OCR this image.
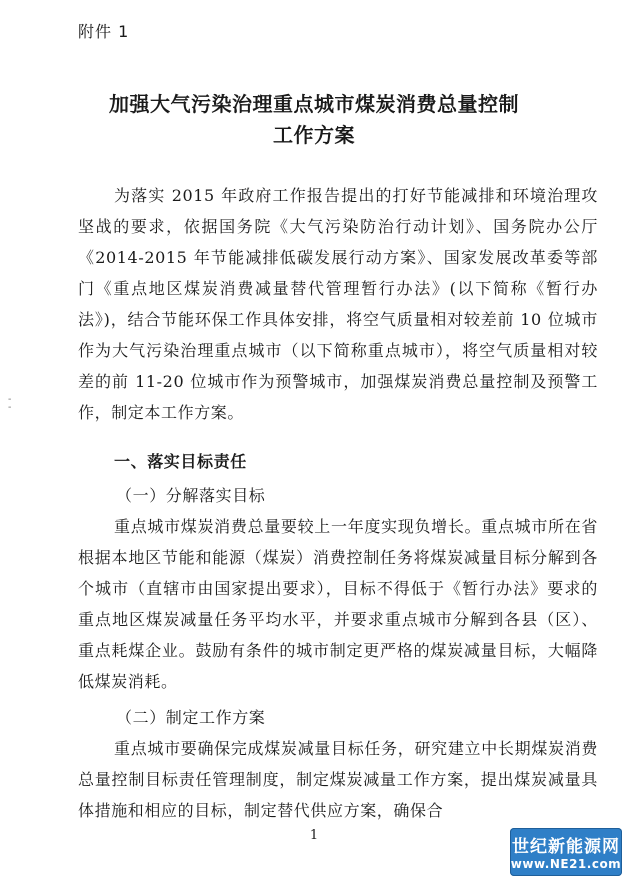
附件 1
加强大气污染治理重点城市煤炭消费总量控制
工作方案
为落实 2015 年政府工作报告提出的打好节能减排和环境治理攻坚战的要求，依据国务院《大气污染防治行动计划》、国务院办公厅《2014-2015 年节能减排低碳发展行动方案》、国家发展改革委等部门《重点地区煤炭消费减量替代管理暂行办法》(以下简称《暂行办法》)，结合节能环保工作具体安排，将空气质量相对较差前 10 位城市作为大气污染治理重点城市（以下简称重点城市），将空气质量相对较差的前 11-20 位城市作为预警城市，加强煤炭消费总量控制及预警工作，制定本工作方案。
一、落实目标责任
（一）分解落实目标
重点城市煤炭消费总量要较上一年度实现负增长。重点城市所在省根据本地区节能和能源（煤炭）消费控制任务将煤炭减量目标分解到各个城市（直辖市由国家提出要求），目标不得低于《暂行办法》要求的重点地区煤炭减量任务平均水平，并要求重点城市分解到各县（区）、重点耗煤企业。鼓励有条件的城市制定更严格的煤炭减量目标，大幅降低煤炭消耗。
（二）制定工作方案
重点城市要确保完成煤炭减量目标任务，研究建立中长期煤炭消费总量控制目标责任管理制度，制定煤炭减量工作方案，提出煤炭减量具体措施和相应的目标，制定替代供应方案，确保合
1
-
-
世纪新能源网
www.NE21.com
